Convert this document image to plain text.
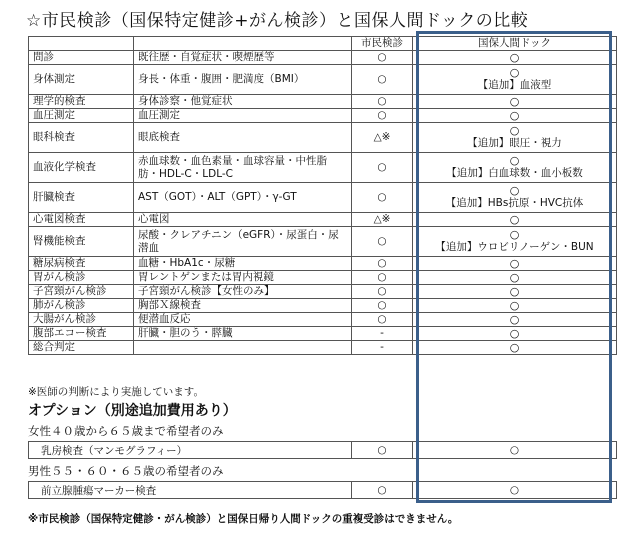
☆市民検診（国保特定健診+がん検診）と国保人間ドックの比較
		市民検診	国保人間ドック
問診	既往歴・自覚症状・喫煙歴等	○	○

身体測定	身長・体重・腹囲・肥満度（BMI）	○	○
【追加】血液型

理学的検査	身体診察・他覚症状	○	○

血圧測定	血圧測定	○	○

眼科検査	眼底検査	△※	○
【追加】眼圧・視力

血液化学検査	赤血球数・血色素量・血球容量・中性脂肪・HDL-C・LDL-C	○	○
【追加】白血球数・血小板数

肝臓検査	AST（GOT）・ALT（GPT）・γ-GT	○	○
【追加】HBs抗原・HVC抗体

心電図検査	心電図	△※	○

腎機能検査	尿酸・クレアチニン（eGFR）・尿蛋白・尿潜血	○	○
【追加】ウロビリノーゲン・BUN

糖尿病検査	血糖・HbA1c・尿糖	○	○

胃がん検診	胃レントゲンまたは胃内視鏡	○	○

子宮頸がん検診	子宮頸がん検診【女性のみ】	○	○

肺がん検診	胸部Ｘ線検査	○	○

大腸がん検診	便潜血反応	○	○

腹部エコー検査	肝臓・胆のう・膵臓	-	○

総合判定		-	○
※医師の判断により実施しています。
オプション（別途追加費用あり）
女性４０歳から６５歳まで希望者のみ
乳房検査（マンモグラフィー）	○	○
男性５５・６０・６５歳の希望者のみ
前立腺腫瘍マーカー検査	○	○
※市民検診（国保特定健診・がん検診）と国保日帰り人間ドックの重複受診はできません。
